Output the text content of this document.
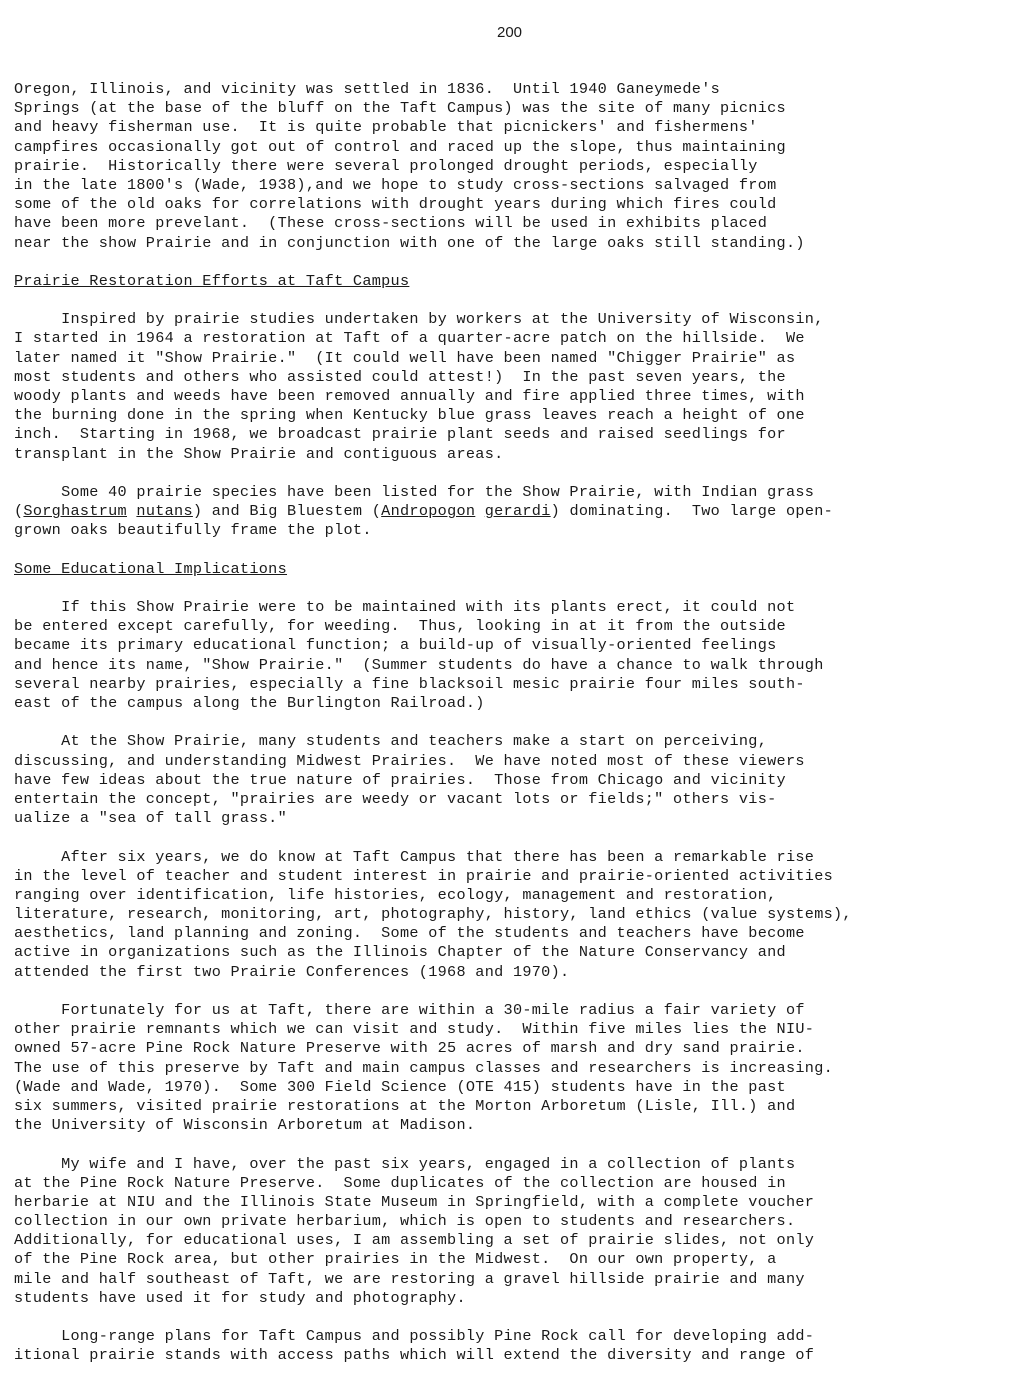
200
Oregon, Illinois, and vicinity was settled in 1836.  Until 1940 Ganeymede's
Springs (at the base of the bluff on the Taft Campus) was the site of many picnics
and heavy fisherman use.  It is quite probable that picnickers' and fishermens'
campfires occasionally got out of control and raced up the slope, thus maintaining
prairie.  Historically there were several prolonged drought periods, especially
in the late 1800's (Wade, 1938),and we hope to study cross-sections salvaged from
some of the old oaks for correlations with drought years during which fires could
have been more prevelant.  (These cross-sections will be used in exhibits placed
near the show Prairie and in conjunction with one of the large oaks still standing.)
Prairie Restoration Efforts at Taft Campus
Inspired by prairie studies undertaken by workers at the University of Wisconsin,
I started in 1964 a restoration at Taft of a quarter-acre patch on the hillside.  We
later named it "Show Prairie."  (It could well have been named "Chigger Prairie" as
most students and others who assisted could attest!)  In the past seven years, the
woody plants and weeds have been removed annually and fire applied three times, with
the burning done in the spring when Kentucky blue grass leaves reach a height of one
inch.  Starting in 1968, we broadcast prairie plant seeds and raised seedlings for
transplant in the Show Prairie and contiguous areas.
Some 40 prairie species have been listed for the Show Prairie, with Indian grass
(Sorghastrum nutans) and Big Bluestem (Andropogon gerardi) dominating.  Two large open-
grown oaks beautifully frame the plot.
Some Educational Implications
If this Show Prairie were to be maintained with its plants erect, it could not
be entered except carefully, for weeding.  Thus, looking in at it from the outside
became its primary educational function; a build-up of visually-oriented feelings
and hence its name, "Show Prairie."  (Summer students do have a chance to walk through
several nearby prairies, especially a fine blacksoil mesic prairie four miles south-
east of the campus along the Burlington Railroad.)
At the Show Prairie, many students and teachers make a start on perceiving,
discussing, and understanding Midwest Prairies.  We have noted most of these viewers
have few ideas about the true nature of prairies.  Those from Chicago and vicinity
entertain the concept, "prairies are weedy or vacant lots or fields;" others vis-
ualize a "sea of tall grass."
After six years, we do know at Taft Campus that there has been a remarkable rise
in the level of teacher and student interest in prairie and prairie-oriented activities
ranging over identification, life histories, ecology, management and restoration,
literature, research, monitoring, art, photography, history, land ethics (value systems),
aesthetics, land planning and zoning.  Some of the students and teachers have become
active in organizations such as the Illinois Chapter of the Nature Conservancy and
attended the first two Prairie Conferences (1968 and 1970).
Fortunately for us at Taft, there are within a 30-mile radius a fair variety of
other prairie remnants which we can visit and study.  Within five miles lies the NIU-
owned 57-acre Pine Rock Nature Preserve with 25 acres of marsh and dry sand prairie.
The use of this preserve by Taft and main campus classes and researchers is increasing.
(Wade and Wade, 1970).  Some 300 Field Science (OTE 415) students have in the past
six summers, visited prairie restorations at the Morton Arboretum (Lisle, Ill.) and
the University of Wisconsin Arboretum at Madison.
My wife and I have, over the past six years, engaged in a collection of plants
at the Pine Rock Nature Preserve.  Some duplicates of the collection are housed in
herbarie at NIU and the Illinois State Museum in Springfield, with a complete voucher
collection in our own private herbarium, which is open to students and researchers.
Additionally, for educational uses, I am assembling a set of prairie slides, not only
of the Pine Rock area, but other prairies in the Midwest.  On our own property, a
mile and half southeast of Taft, we are restoring a gravel hillside prairie and many
students have used it for study and photography.
Long-range plans for Taft Campus and possibly Pine Rock call for developing add-
itional prairie stands with access paths which will extend the diversity and range of
